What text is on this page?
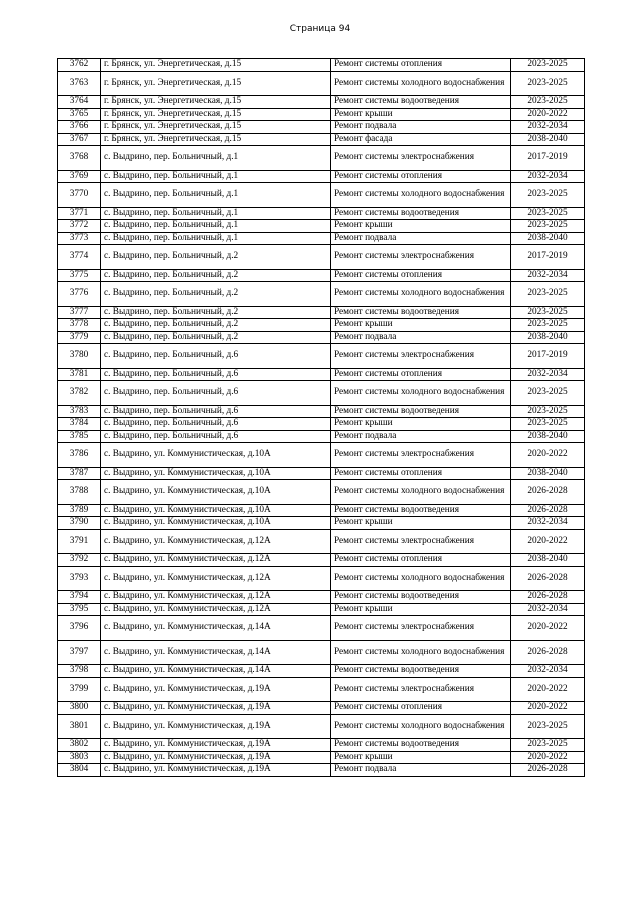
Страница 94
3762	г. Брянск, ул. Энергетическая, д.15	Ремонт системы отопления	2023-2025
3763	г. Брянск, ул. Энергетическая, д.15	Ремонт системы холодного водоснабжения	2023-2025
3764	г. Брянск, ул. Энергетическая, д.15	Ремонт системы водоотведения	2023-2025
3765	г. Брянск, ул. Энергетическая, д.15	Ремонт крыши	2020-2022
3766	г. Брянск, ул. Энергетическая, д.15	Ремонт подвала	2032-2034
3767	г. Брянск, ул. Энергетическая, д.15	Ремонт фасада	2038-2040
3768	с. Выдрино, пер. Больничный, д.1	Ремонт системы электроснабжения	2017-2019
3769	с. Выдрино, пер. Больничный, д.1	Ремонт системы отопления	2032-2034
3770	с. Выдрино, пер. Больничный, д.1	Ремонт системы холодного водоснабжения	2023-2025
3771	с. Выдрино, пер. Больничный, д.1	Ремонт системы водоотведения	2023-2025
3772	с. Выдрино, пер. Больничный, д.1	Ремонт крыши	2023-2025
3773	с. Выдрино, пер. Больничный, д.1	Ремонт подвала	2038-2040
3774	с. Выдрино, пер. Больничный, д.2	Ремонт системы электроснабжения	2017-2019
3775	с. Выдрино, пер. Больничный, д.2	Ремонт системы отопления	2032-2034
3776	с. Выдрино, пер. Больничный, д.2	Ремонт системы холодного водоснабжения	2023-2025
3777	с. Выдрино, пер. Больничный, д.2	Ремонт системы водоотведения	2023-2025
3778	с. Выдрино, пер. Больничный, д.2	Ремонт крыши	2023-2025
3779	с. Выдрино, пер. Больничный, д.2	Ремонт подвала	2038-2040
3780	с. Выдрино, пер. Больничный, д.6	Ремонт системы электроснабжения	2017-2019
3781	с. Выдрино, пер. Больничный, д.6	Ремонт системы отопления	2032-2034
3782	с. Выдрино, пер. Больничный, д.6	Ремонт системы холодного водоснабжения	2023-2025
3783	с. Выдрино, пер. Больничный, д.6	Ремонт системы водоотведения	2023-2025
3784	с. Выдрино, пер. Больничный, д.6	Ремонт крыши	2023-2025
3785	с. Выдрино, пер. Больничный, д.6	Ремонт подвала	2038-2040
3786	с. Выдрино, ул. Коммунистическая, д.10А	Ремонт системы электроснабжения	2020-2022
3787	с. Выдрино, ул. Коммунистическая, д.10А	Ремонт системы отопления	2038-2040
3788	с. Выдрино, ул. Коммунистическая, д.10А	Ремонт системы холодного водоснабжения	2026-2028
3789	с. Выдрино, ул. Коммунистическая, д.10А	Ремонт системы водоотведения	2026-2028
3790	с. Выдрино, ул. Коммунистическая, д.10А	Ремонт крыши	2032-2034
3791	с. Выдрино, ул. Коммунистическая, д.12А	Ремонт системы электроснабжения	2020-2022
3792	с. Выдрино, ул. Коммунистическая, д.12А	Ремонт системы отопления	2038-2040
3793	с. Выдрино, ул. Коммунистическая, д.12А	Ремонт системы холодного водоснабжения	2026-2028
3794	с. Выдрино, ул. Коммунистическая, д.12А	Ремонт системы водоотведения	2026-2028
3795	с. Выдрино, ул. Коммунистическая, д.12А	Ремонт крыши	2032-2034
3796	с. Выдрино, ул. Коммунистическая, д.14А	Ремонт системы электроснабжения	2020-2022
3797	с. Выдрино, ул. Коммунистическая, д.14А	Ремонт системы холодного водоснабжения	2026-2028
3798	с. Выдрино, ул. Коммунистическая, д.14А	Ремонт системы водоотведения	2032-2034
3799	с. Выдрино, ул. Коммунистическая, д.19А	Ремонт системы электроснабжения	2020-2022
3800	с. Выдрино, ул. Коммунистическая, д.19А	Ремонт системы отопления	2020-2022
3801	с. Выдрино, ул. Коммунистическая, д.19А	Ремонт системы холодного водоснабжения	2023-2025
3802	с. Выдрино, ул. Коммунистическая, д.19А	Ремонт системы водоотведения	2023-2025
3803	с. Выдрино, ул. Коммунистическая, д.19А	Ремонт крыши	2020-2022
3804	с. Выдрино, ул. Коммунистическая, д.19А	Ремонт подвала	2026-2028
